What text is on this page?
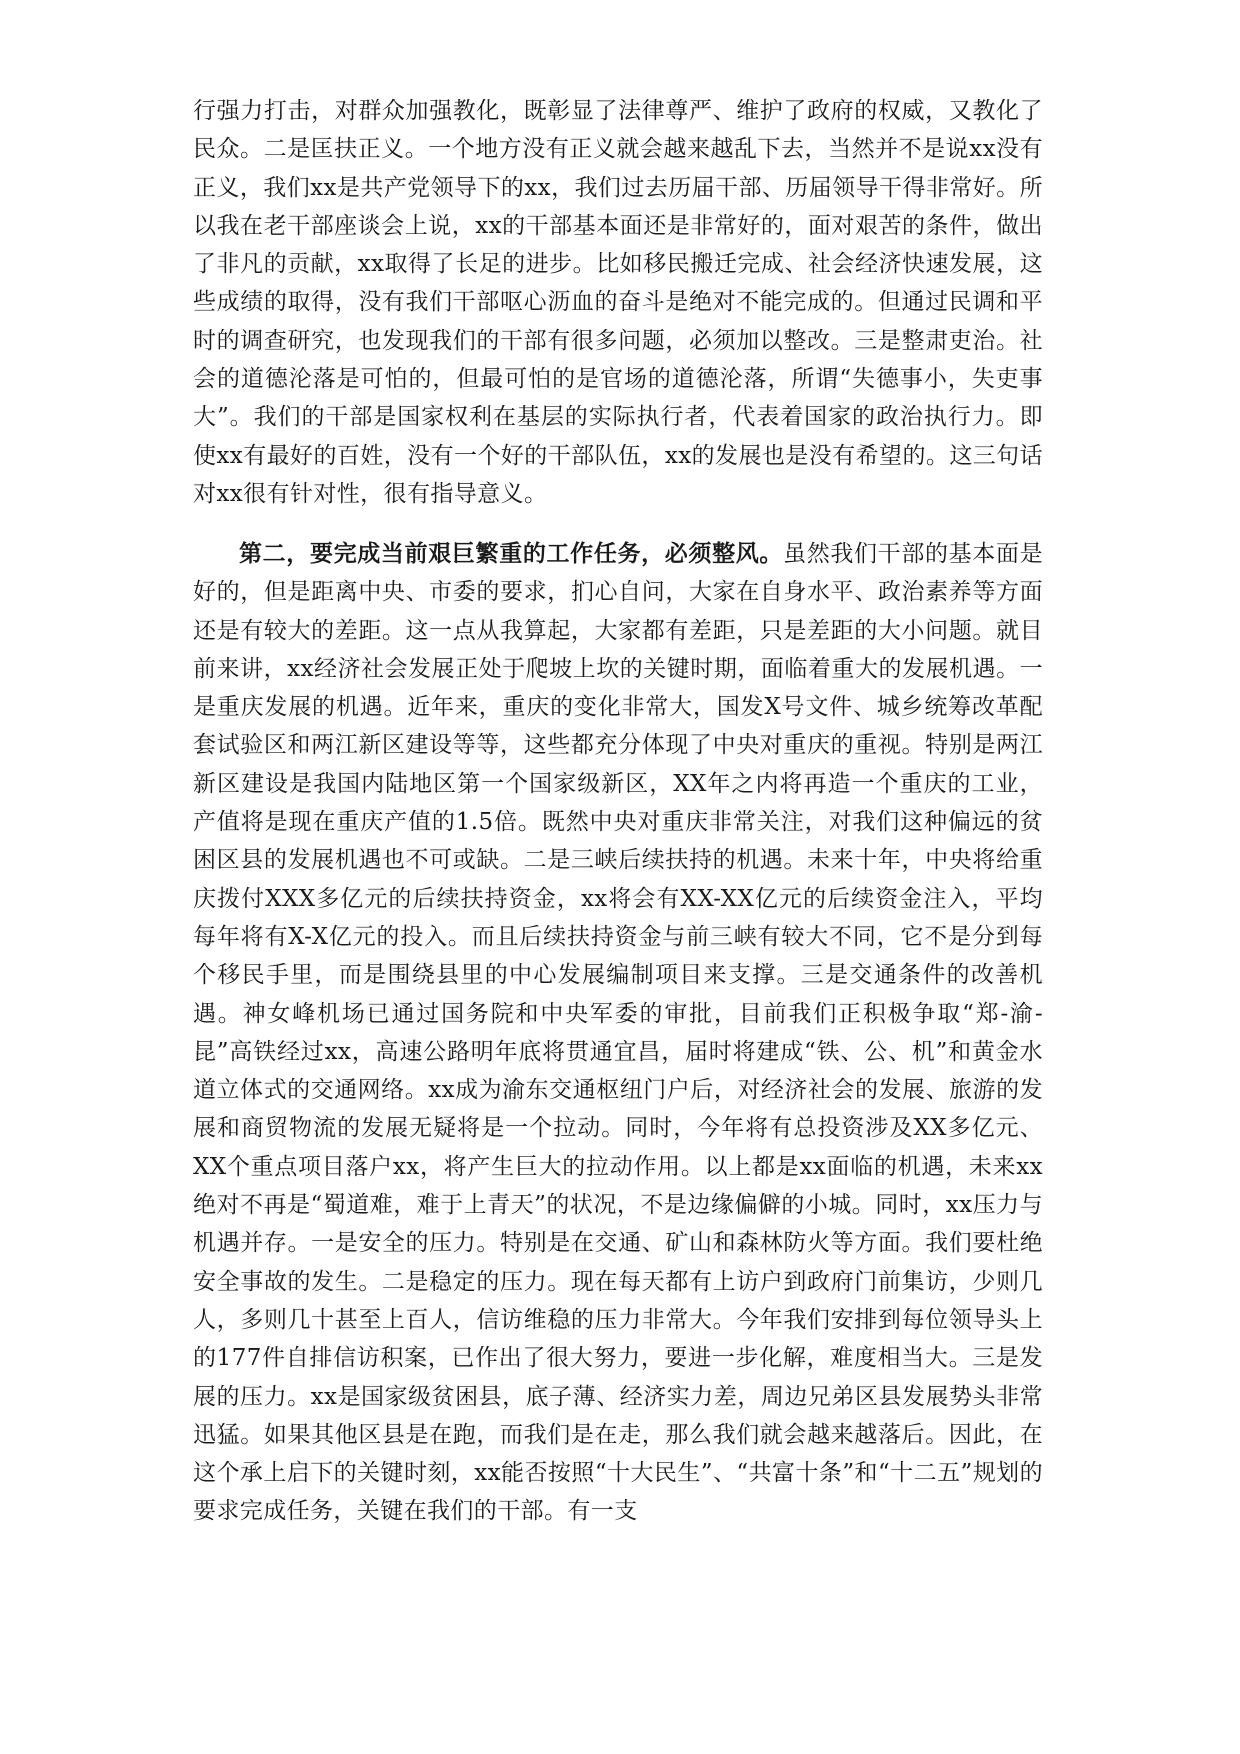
行强力打击，对群众加强教化，既彰显了法律尊严、维护了政府的权威，又教化了民众。二是匡扶正义。一个地方没有正义就会越来越乱下去，当然并不是说xx没有正义，我们xx是共产党领导下的xx，我们过去历届干部、历届领导干得非常好。所以我在老干部座谈会上说，xx的干部基本面还是非常好的，面对艰苦的条件，做出了非凡的贡献，xx取得了长足的进步。比如移民搬迁完成、社会经济快速发展，这些成绩的取得，没有我们干部呕心沥血的奋斗是绝对不能完成的。但通过民调和平时的调查研究，也发现我们的干部有很多问题，必须加以整改。三是整肃吏治。社会的道德沦落是可怕的，但最可怕的是官场的道德沦落，所谓“失德事小，失吏事大”。我们的干部是国家权利在基层的实际执行者，代表着国家的政治执行力。即使xx有最好的百姓，没有一个好的干部队伍，xx的发展也是没有希望的。这三句话对xx很有针对性，很有指导意义。

第二，要完成当前艰巨繁重的工作任务，必须整风。虽然我们干部的基本面是好的，但是距离中央、市委的要求，扪心自问，大家在自身水平、政治素养等方面还是有较大的差距。这一点从我算起，大家都有差距，只是差距的大小问题。就目前来讲，xx经济社会发展正处于爬坡上坎的关键时期，面临着重大的发展机遇。一是重庆发展的机遇。近年来，重庆的变化非常大，国发X号文件、城乡统筹改革配套试验区和两江新区建设等等，这些都充分体现了中央对重庆的重视。特别是两江新区建设是我国内陆地区第一个国家级新区，XX年之内将再造一个重庆的工业，产值将是现在重庆产值的1.5倍。既然中央对重庆非常关注，对我们这种偏远的贫困区县的发展机遇也不可或缺。二是三峡后续扶持的机遇。未来十年，中央将给重庆拨付XXX多亿元的后续扶持资金，xx将会有XX-XX亿元的后续资金注入，平均每年将有X-X亿元的投入。而且后续扶持资金与前三峡有较大不同，它不是分到每个移民手里，而是围绕县里的中心发展编制项目来支撑。三是交通条件的改善机遇。神女峰机场已通过国务院和中央军委的审批，目前我们正积极争取“郑-渝-昆”高铁经过xx，高速公路明年底将贯通宜昌，届时将建成“铁、公、机”和黄金水道立体式的交通网络。xx成为渝东交通枢纽门户后，对经济社会的发展、旅游的发展和商贸物流的发展无疑将是一个拉动。同时，今年将有总投资涉及XX多亿元、XX个重点项目落户xx，将产生巨大的拉动作用。以上都是xx面临的机遇，未来xx绝对不再是“蜀道难，难于上青天”的状况，不是边缘偏僻的小城。同时，xx压力与机遇并存。一是安全的压力。特别是在交通、矿山和森林防火等方面。我们要杜绝安全事故的发生。二是稳定的压力。现在每天都有上访户到政府门前集访，少则几人，多则几十甚至上百人，信访维稳的压力非常大。今年我们安排到每位领导头上的177件自排信访积案，已作出了很大努力，要进一步化解，难度相当大。三是发展的压力。xx是国家级贫困县，底子薄、经济实力差，周边兄弟区县发展势头非常迅猛。如果其他区县是在跑，而我们是在走，那么我们就会越来越落后。因此，在这个承上启下的关键时刻，xx能否按照“十大民生”、“共富十条”和“十二五”规划的要求完成任务，关键在我们的干部。有一支
